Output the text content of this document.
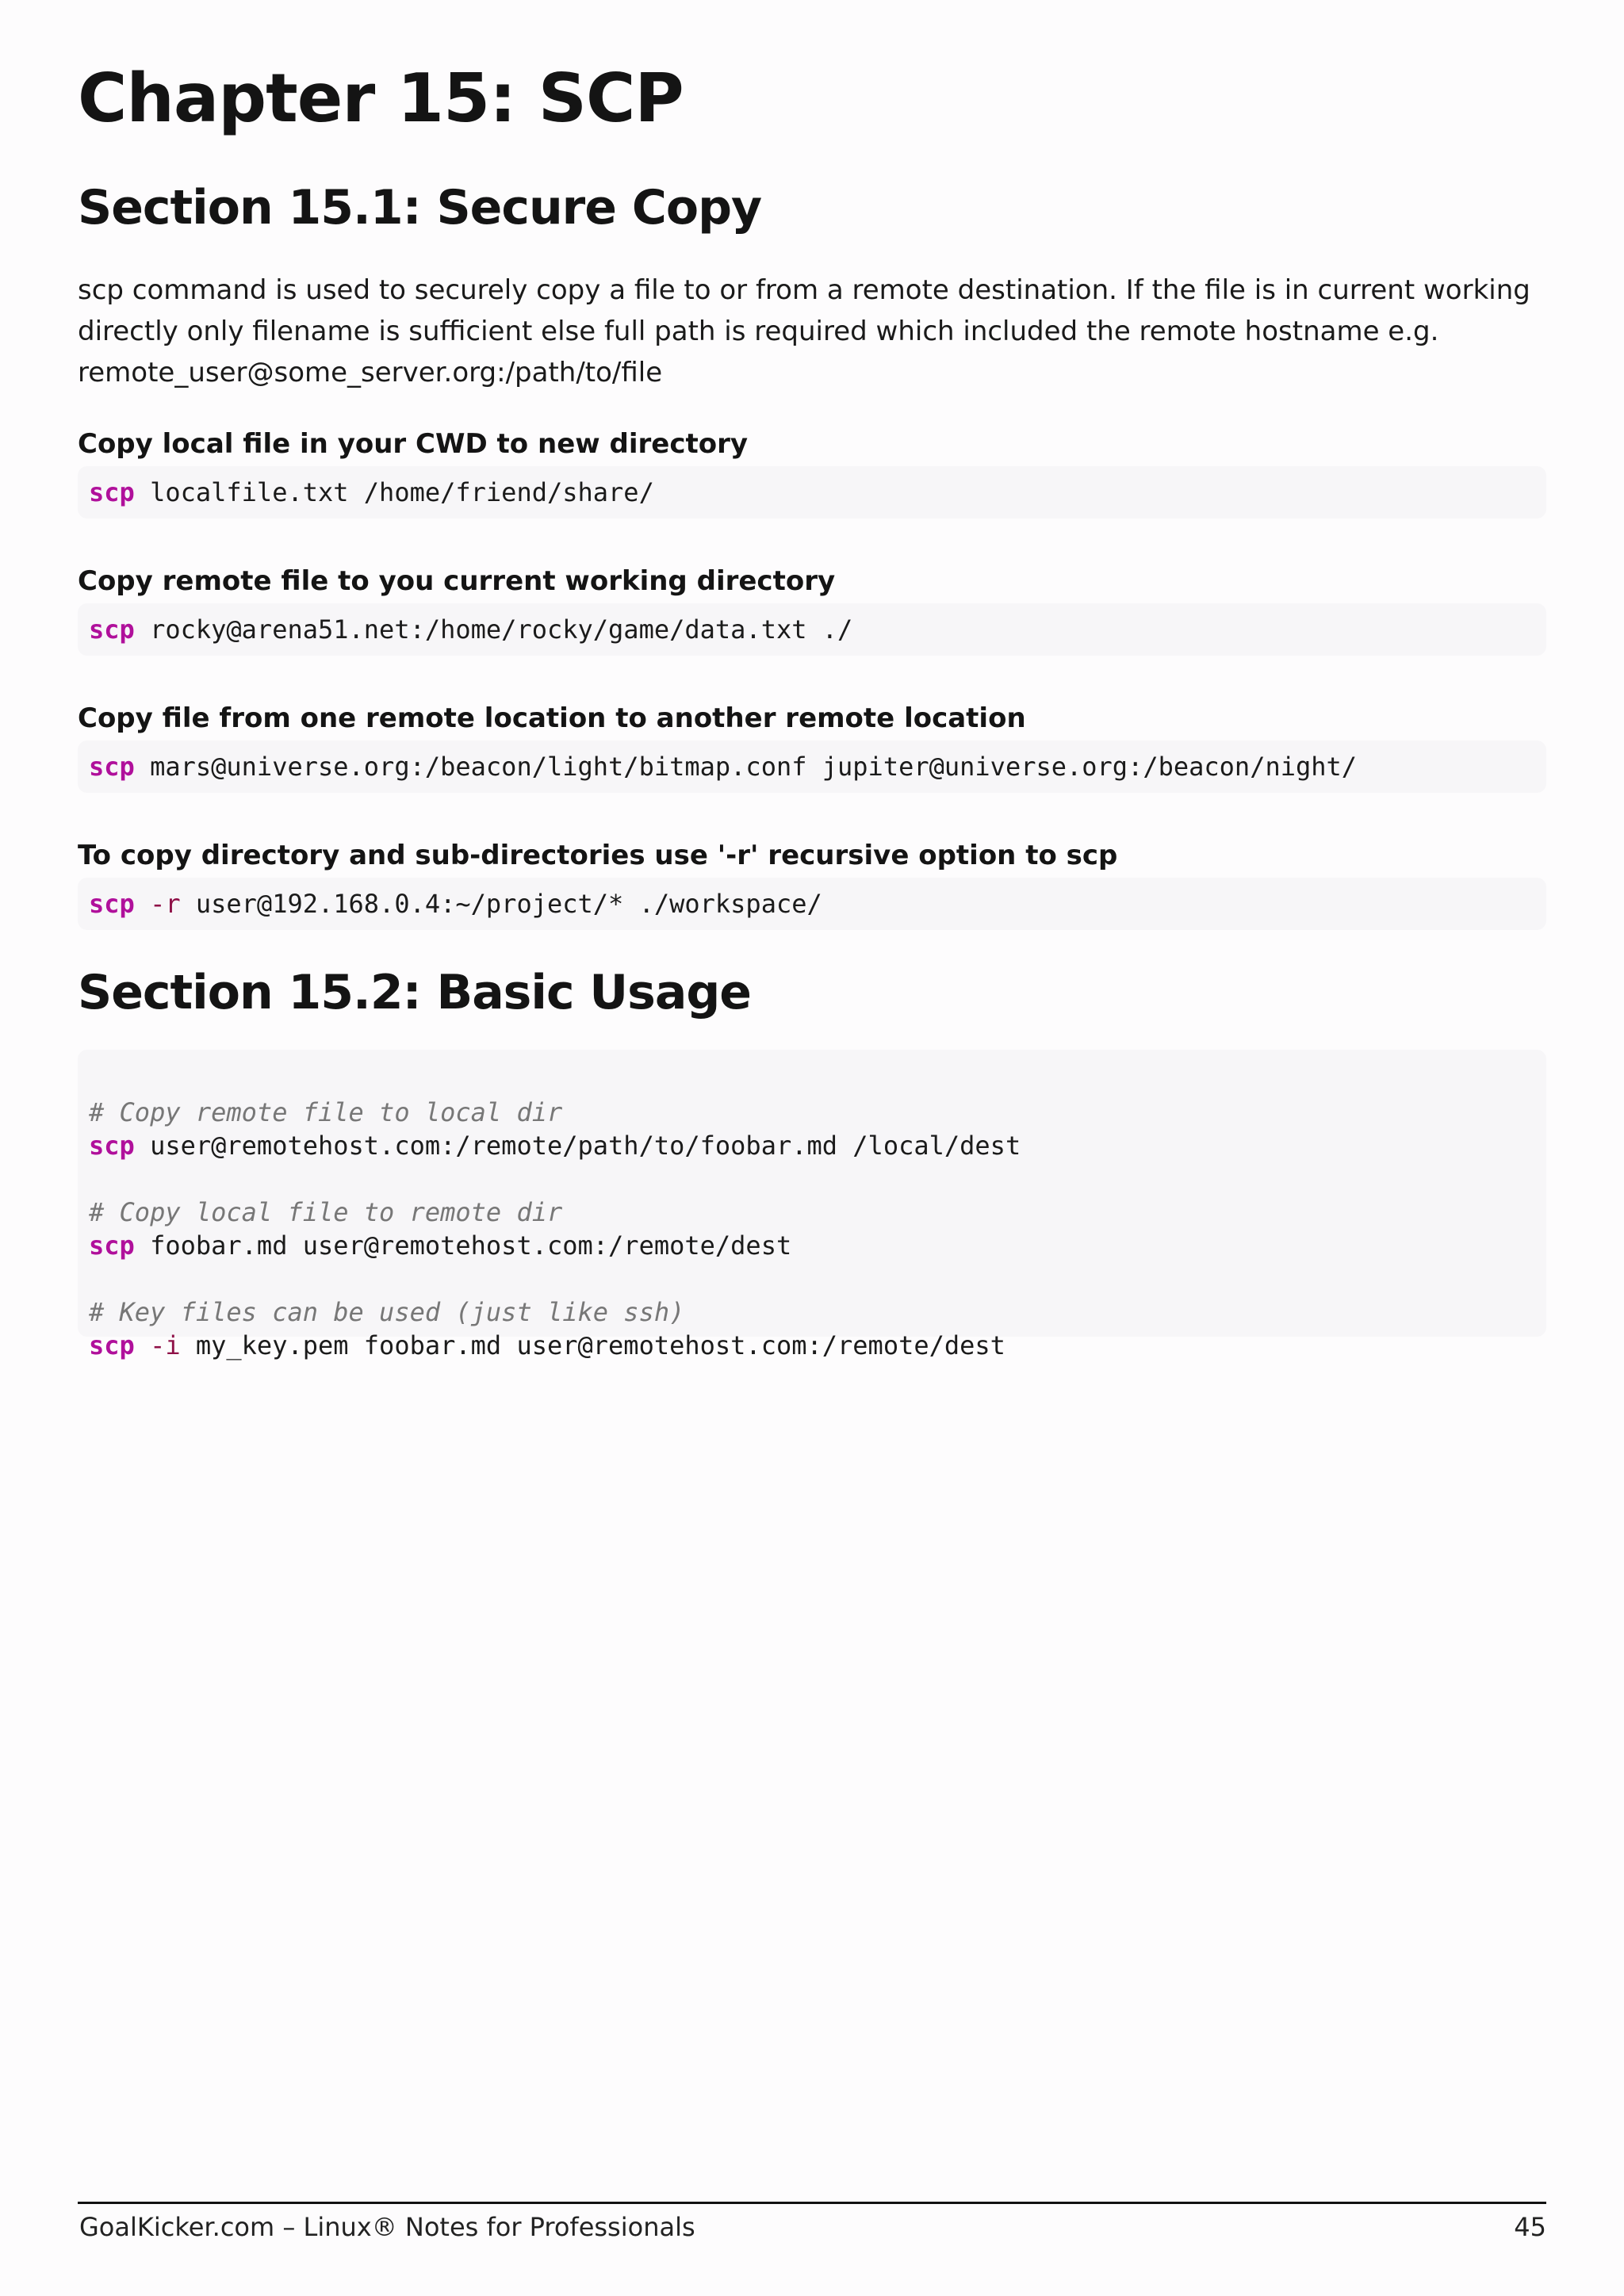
Chapter 15: SCP
Section 15.1: Secure Copy

scp command is used to securely copy a file to or from a remote destination. If the file is in current working directly only filename is sufficient else full path is required which included the remote hostname e.g. remote_user@some_server.org:/path/to/file

Copy local file in your CWD to new directory
scp localfile.txt /home/friend/share/
Copy remote file to you current working directory
scp rocky@arena51.net:/home/rocky/game/data.txt ./
Copy file from one remote location to another remote location
scp mars@universe.org:/beacon/light/bitmap.conf jupiter@universe.org:/beacon/night/
To copy directory and sub-directories use '-r' recursive option to scp
scp -r user@192.168.0.4:~/project/* ./workspace/
Section 15.2: Basic Usage

# Copy remote file to local dir
scp user@remotehost.com:/remote/path/to/foobar.md /local/dest

# Copy local file to remote dir
scp foobar.md user@remotehost.com:/remote/dest

# Key files can be used (just like ssh)
scp -i my_key.pem foobar.md user@remotehost.com:/remote/dest
GoalKicker.com – Linux® Notes for Professionals	45
